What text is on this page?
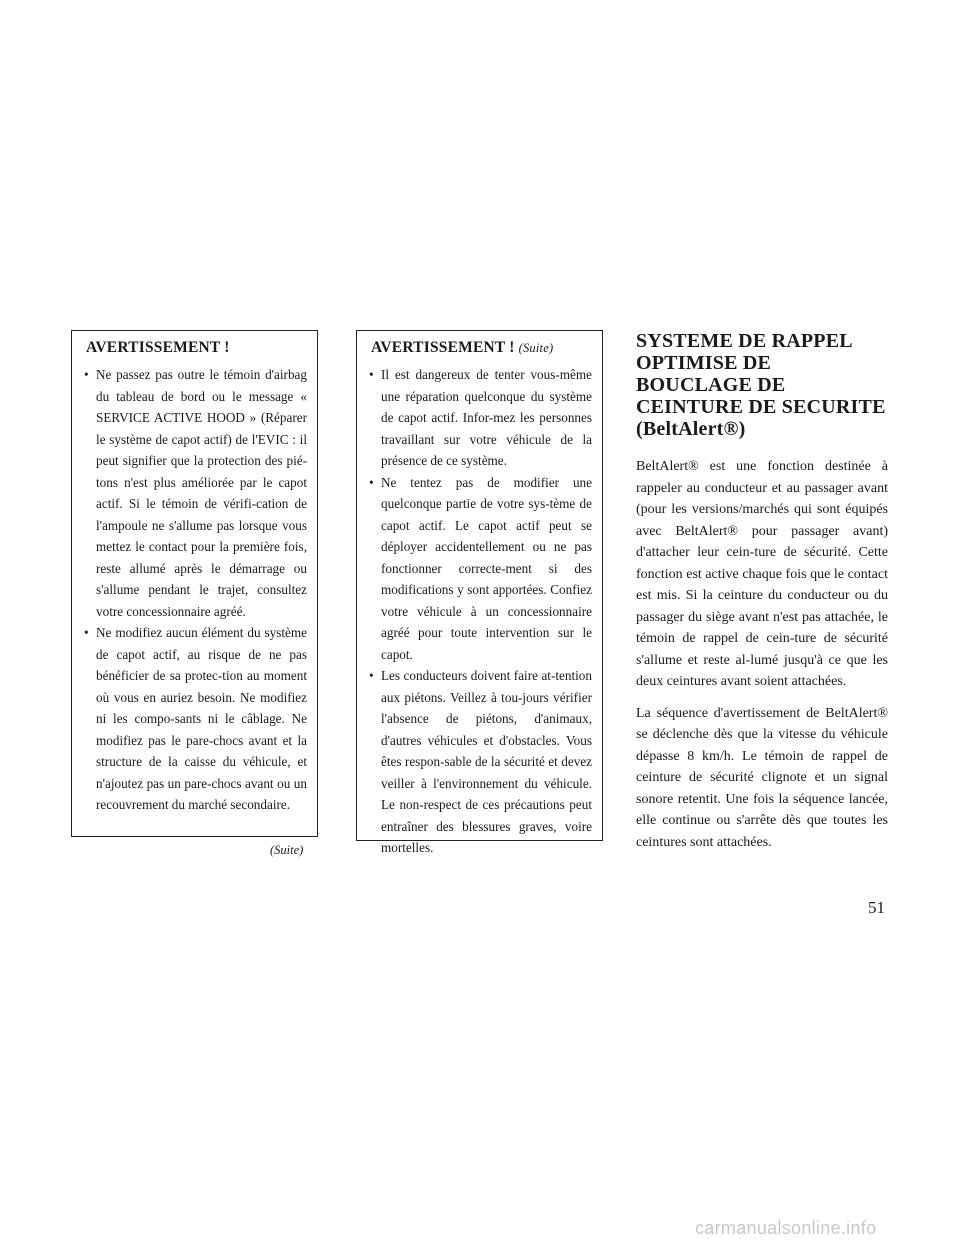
AVERTISSEMENT !
• Ne passez pas outre le témoin d'airbag du tableau de bord ou le message « SERVICE ACTIVE HOOD » (Réparer le système de capot actif) de l'EVIC : il peut signifier que la protection des pié-tons n'est plus améliorée par le capot actif. Si le témoin de vérifi-cation de l'ampoule ne s'allume pas lorsque vous mettez le contact pour la première fois, reste allumé après le démarrage ou s'allume pendant le trajet, consultez votre concessionnaire agréé.
• Ne modifiez aucun élément du système de capot actif, au risque de ne pas bénéficier de sa protec-tion au moment où vous en auriez besoin. Ne modifiez ni les compo-sants ni le câblage. Ne modifiez pas le pare-chocs avant et la structure de la caisse du véhicule, et n'ajoutez pas un pare-chocs avant ou un recouvrement du marché secondaire.
(Suite)
AVERTISSEMENT ! (Suite)
• Il est dangereux de tenter vous-même une réparation quelconque du système de capot actif. Infor-mez les personnes travaillant sur votre véhicule de la présence de ce système.
• Ne tentez pas de modifier une quelconque partie de votre sys-tème de capot actif. Le capot actif peut se déployer accidentellement ou ne pas fonctionner correcte-ment si des modifications y sont apportées. Confiez votre véhicule à un concessionnaire agréé pour toute intervention sur le capot.
• Les conducteurs doivent faire at-tention aux piétons. Veillez à tou-jours vérifier l'absence de piétons, d'animaux, d'autres véhicules et d'obstacles. Vous êtes respon-sable de la sécurité et devez veiller à l'environnement du véhicule. Le non-respect de ces précautions peut entraîner des blessures graves, voire mortelles.
SYSTEME DE RAPPEL OPTIMISE DE BOUCLAGE DE CEINTURE DE SECURITE (BeltAlert®)

BeltAlert® est une fonction destinée à rappeler au conducteur et au passager avant (pour les versions/marchés qui sont équipés avec BeltAlert® pour passager avant) d'attacher leur cein-ture de sécurité. Cette fonction est active chaque fois que le contact est mis. Si la ceinture du conducteur ou du passager du siège avant n'est pas attachée, le témoin de rappel de cein-ture de sécurité s'allume et reste al-lumé jusqu'à ce que les deux ceintures avant soient attachées.

La séquence d'avertissement de BeltAlert® se déclenche dès que la vitesse du véhicule dépasse 8 km/h. Le témoin de rappel de ceinture de sécurité clignote et un signal sonore retentit. Une fois la séquence lancée, elle continue ou s'arrête dès que toutes les ceintures sont attachées.

51
carmanualsonline.info
